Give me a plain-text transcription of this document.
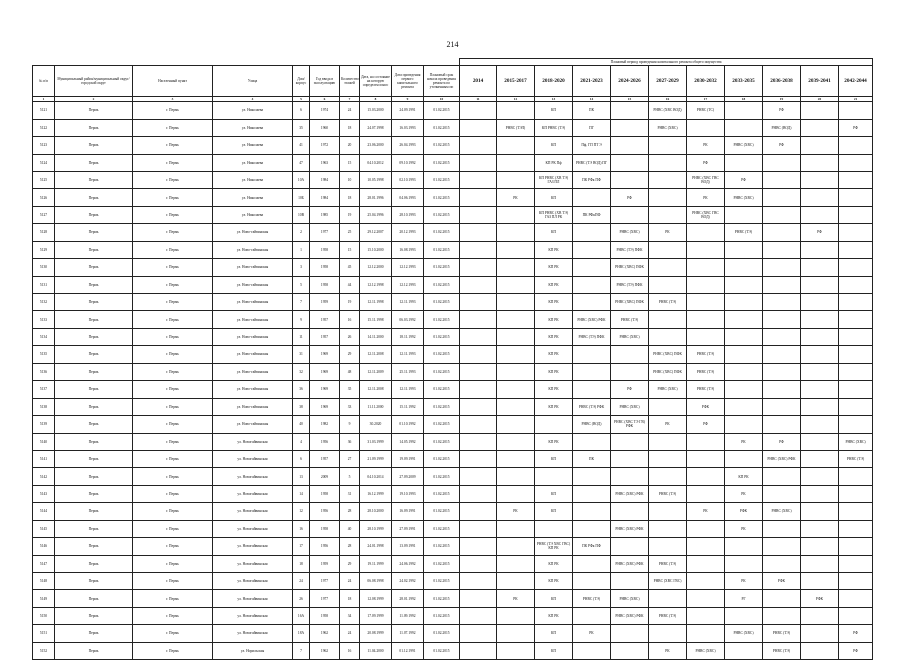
214
										Плановый период проведения капитального ремонта общего имущества										
№ п/п	Муниципальный район/муниципальный округ/городской округ	Населенный пункт	Улица	Дом/корпус	Год ввода в эксплуатацию	Количество этажей	Дата, на состояние на которую определен износ	Дата проведения первого капитального ремонта	Плановый срок начала проведения ремонта по уточненным пп	2014	2015-2017	2018-2020	2021-2023	2024-2026	2027-2029	2030-2032	2033-2035	2036-2038	2039-2041	2042-2044
1	2	3	4	5	6	7	8	9	10	11	12	13	14	15	16	17	18	19	20	21
5121	Пермь	г. Пермь	ул. Николаева	6	1974	24	15.03.2000	24.09.1991	01.02.2015			КП	ПК		РНВС (ХВС ВОД)	РНВС (ТС)		РФ		
5122	Пермь	г. Пермь	ул. Николаева	35	1960	18	24.07.1998	16.03.1993	01.02.2015		РНВС (ТЭЛ)	КП РНВС (ТЭ)	ПГ		РНВС (ХВС)			РНВС (ВОД)		РФ
5123	Пермь	г. Пермь	ул. Николаева	41	1972	20	23.06.2000	26.04.1993	01.02.2015			КП	Пф, ГП ПТ Э			РК	РНВС (ХВС)	РФ		
5124	Пермь	г. Пермь	ул. Николаева	47	1963	15	04.10.2012	09.10.1992	01.02.2015			КП РК Пф	РНВС (ТЭ ВОД) ПГ			РФ				
5125	Пермь	г. Пермь	ул. Николаева	10А	1984	10	10.05.1998	02.10.1993	01.02.2015			КП РНВС (ХВ ТЭ) ГАЗ ПЛ	ПК РФк ПФ			РНВС (ХВС ГВС ВОД)	РФ			
5126	Пермь	г. Пермь	ул. Николаева	10Б	1984	18	28.01.1996	04.06.1993	01.02.2015		РК	КП		РФ		РК	РНВС (ХВС)			
5127	Пермь	г. Пермь	ул. Николаева	10В	1985	19	25.04.1996	28.10.1993	01.02.2015			КП РНВС (ХВ ТЭ) ГАЗ ПЛ РК	ПК РФкПФ			РНВС (ХВС ГВС ВОД)				
5128	Пермь	г. Пермь	ул. Ново-гайвинская	2	1977	25	29.12.2007	20.12.1993	01.02.2015			КП		РНВС (ХВС)	РК		РНВС (ТЭ)		РФ	
5129	Пермь	г. Пермь	ул. Ново-гайвинская	1	1958	15	15.10.2000	16.08.1993	01.02.2015			КП РК		РНВС (ТЭ) ПФК						
5130	Пермь	г. Пермь	ул. Ново-гайвинская	3	1958	45	12.12.2000	12.12.1993	01.02.2015			КП РК		РНВС (ХВС) ПФК						
5131	Пермь	г. Пермь	ул. Ново-гайвинская	5	1958	44	12.12.1998	12.12.1993	01.02.2015			КП РК		РНВС (ТЭ) ПФК						
5132	Пермь	г. Пермь	ул. Ново-гайвинская	7	1959	19	12.11.1998	12.11.1993	01.02.2015			КП РК		РНВС (ХВС) ПФК	РНВС (ТЭ)					
5133	Пермь	г. Пермь	ул. Ново-гайвинская	9	1957	16	15.11.1998	06.03.1992	01.02.2015			КП РК	РНВС (ХВС) РФК	РНВС (ТЭ)						
5134	Пермь	г. Пермь	ул. Ново-гайвинская	11	1957	26	14.11.2000	18.11.1992	01.02.2015			КП РК	РНВС (ТЭ) ПФК	РНВС (ХВС)						
5135	Пермь	г. Пермь	ул. Ново-гайвинская	31	1969	29	12.11.2008	12.11.1993	01.02.2015			КП РК			РНВС (ХВС) ПФК	РНВС (ТЭ)				
5136	Пермь	г. Пермь	ул. Ново-гайвинская	32	1969	48	12.11.2009	25.11.1993	01.02.2015			КП РК			РНВС (ХВС) ПФК	РНВС (ТЭ)				
5137	Пермь	г. Пермь	ул. Ново-гайвинская	36	1969	35	12.11.2008	12.11.1993	01.02.2015			КП РК		РФ	РНВС (ХВС)	РНВС (ТЭ)				
5138	Пермь	г. Пермь	ул. Ново-гайвинская	38	1969	33	11.11.2000	15.11.1992	01.02.2015			КП РК	РНВС (ТЭ) РФК	РНВС (ХВС)		РФК				
5139	Пермь	г. Пермь	ул. Ново-гайвинская	40	1982	9	30.2020	01.10.1992	01.02.2015				РНВС (ВОД)	РНВС (ХВС ТЭ ГВ) РФК	РК	РФ				
5140	Пермь	г. Пермь	ул. Новогайвинская	4	1956	36	31.03.1999	14.05.1992	01.02.2015			КП РК					РК	РФ		РНВС (ХВС)
5141	Пермь	г. Пермь	ул. Новогайвинская	6	1957	27	21.09.1999	19.09.1991	01.02.2015			КП	ПК					РНВС (ХВС) РФК		РНВС (ТЭ)
5142	Пермь	г. Пермь	ул. Новогайвинская	13	2009	5	04.10.2014	27.09.2009	01.02.2015								КП РК			
5143	Пермь	г. Пермь	ул. Новогайвинская	14	1958	31	16.12.1999	19.10.1993	01.02.2015			КП		РНВС (ХВС) РФК	РНВС (ТЭ)		РК			
5144	Пермь	г. Пермь	ул. Новогайвинская	12	1956	28	28.10.2000	16.09.1991	01.02.2015		РК	КП				РК	РФК	РНВС (ХВС)		
5145	Пермь	г. Пермь	ул. Новогайвинская	16	1958	40	28.10.1999	27.09.1991	01.02.2015					РНВС (ХВС) РФК			РК			
5146	Пермь	г. Пермь	ул. Новогайвинская	17	1956	28	24.01.1998	13.09.1991	01.02.2015			РНВС (ТЭ ХВС ГВС) КП РК	ПК РФк ПФ							
5147	Пермь	г. Пермь	ул. Новогайвинская	18	1959	29	19.11.1999	24.06.1992	01.02.2015			КП РК		РНВС (ХВС) РФК	РНВС (ТЭ)					
5148	Пермь	г. Пермь	ул. Новогайвинская	24	1977	24	06.08.1998	24.02.1992	01.02.2015			КП РК			РНВС (ХВС ГВС)		РК	РФК		
5149	Пермь	г. Пермь	ул. Новогайвинская	26	1977	18	12.08.1999	28.01.1992	01.02.2015		РК	КП	РНВС (ТЭ)	РНВС (ХВС)			РГ		РФК	
5150	Пермь	г. Пермь	ул. Новогайвинская	16А	1958	34	17.09.1999	11.09.1992	01.02.2015			КП РК		РНВС (ХВС) РФК	РНВС (ТЭ)					
5151	Пермь	г. Пермь	ул. Новогайвинская	18А	1962	24	20.08.1999	11.07.1992	01.02.2015			КП	РК				РНВС (ХВС)	РНВС (ТЭ)		РФ
5152	Пермь	г. Пермь	ул. Норильская	7	1962	16	11.04.2000	01.12.1991	01.02.2015			КП			РК	РНВС (ХВС)		РНВС (ТЭ)		РФ
